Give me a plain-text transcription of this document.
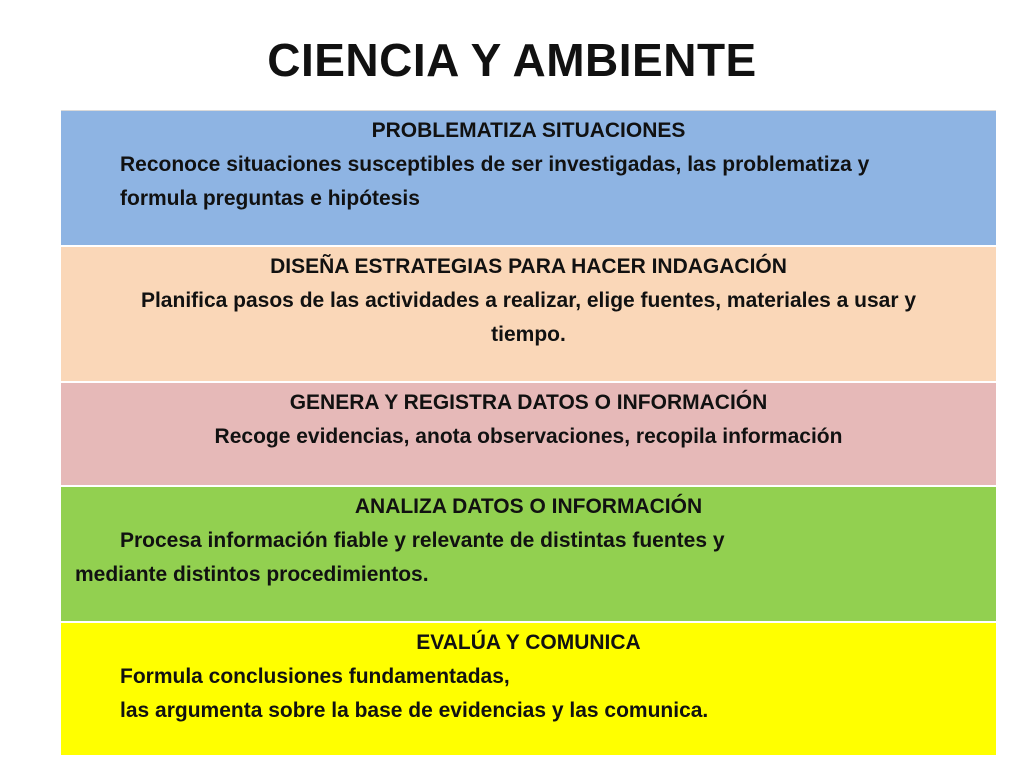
CIENCIA Y AMBIENTE
PROBLEMATIZA SITUACIONES
Reconoce situaciones susceptibles de ser investigadas, las problematiza y
formula preguntas e hipótesis
DISEÑA ESTRATEGIAS PARA HACER INDAGACIÓN
Planifica pasos de las actividades a realizar, elige fuentes, materiales a usar y
tiempo.
GENERA Y REGISTRA DATOS O INFORMACIÓN
Recoge evidencias, anota observaciones, recopila información
ANALIZA DATOS O INFORMACIÓN
Procesa información fiable y relevante de distintas fuentes y
mediante distintos procedimientos.
EVALÚA Y COMUNICA
Formula conclusiones fundamentadas,
las argumenta sobre la base de evidencias y las comunica.
